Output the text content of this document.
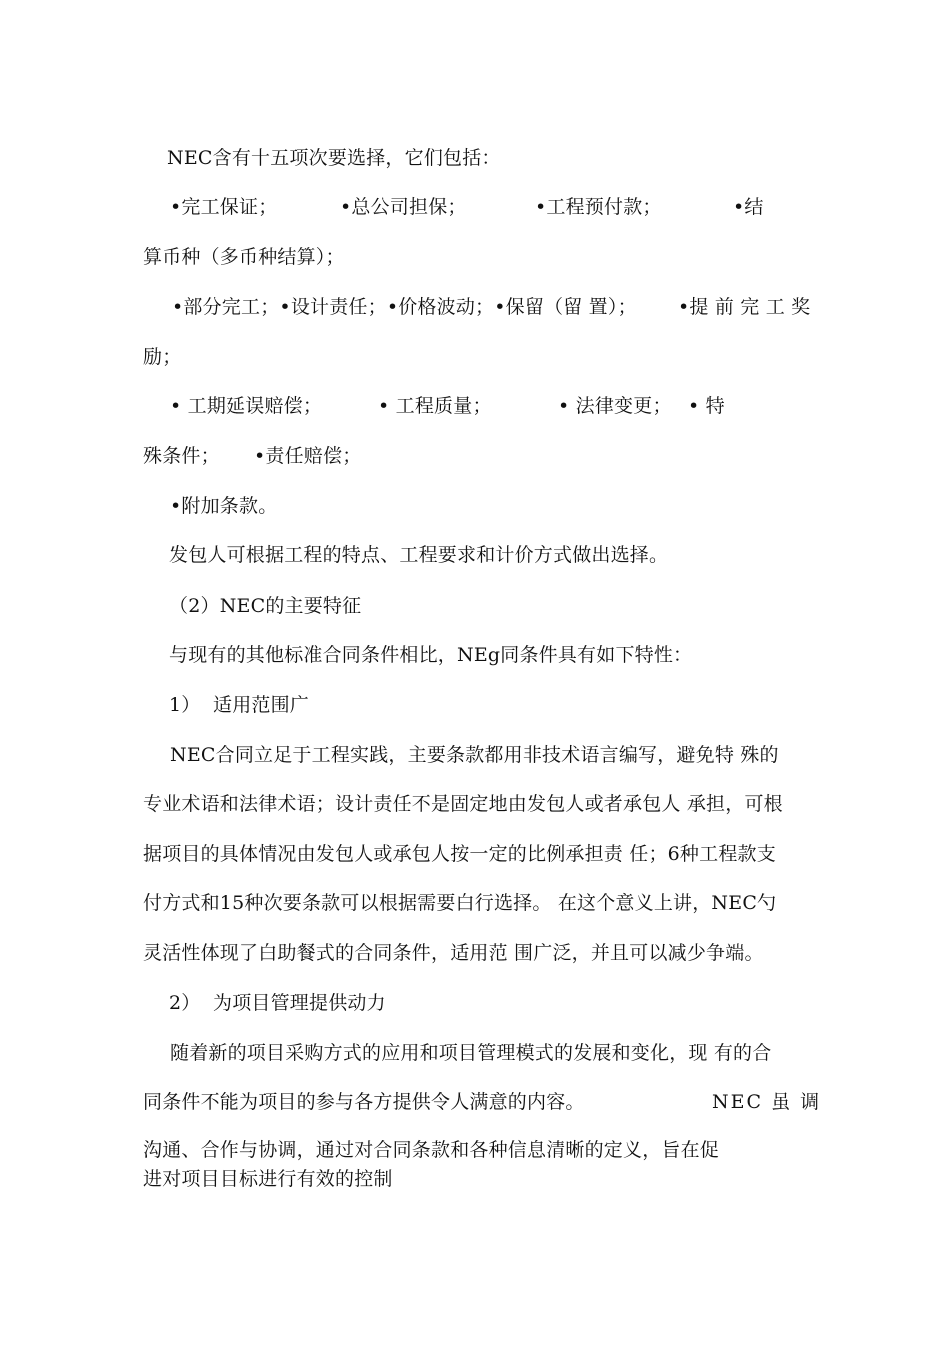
NEC含有十五项次要选择，它们包括：
•完工保证；	•总公司担保；	•工程预付款；	•结
算币种（多币种结算）；
•部分完工；•设计责任；•价格波动；•保留（留 置）； •提 前 完 工 奖
励；
• 工期延误赔偿；	• 工程质量；	• 法律变更； • 特
殊条件； •责任赔偿；
•附加条款。
发包人可根据工程的特点、工程要求和计价方式做出选择。
（2）NEC的主要特征
与现有的其他标准合同条件相比，NEg同条件具有如下特性：
1） 适用范围广
NEC合同立足于工程实践，主要条款都用非技术语言编写，避免特 殊的
专业术语和法律术语；设计责任不是固定地由发包人或者承包人 承担，可根
据项目的具体情况由发包人或承包人按一定的比例承担责 任；6种工程款支
付方式和15种次要条款可以根据需要白行选择。 在这个意义上讲，NEC勺
灵活性体现了白助餐式的合同条件，适用范 围广泛，并且可以减少争端。
2） 为项目管理提供动力
随着新的项目采购方式的应用和项目管理模式的发展和变化，现 有的合
同条件不能为项目的参与各方提供令人满意的内容。	NEC 虽 调
沟通、合作与协调，通过对合同条款和各种信息清晰的定义，旨在促
进对项目目标进行有效的控制
